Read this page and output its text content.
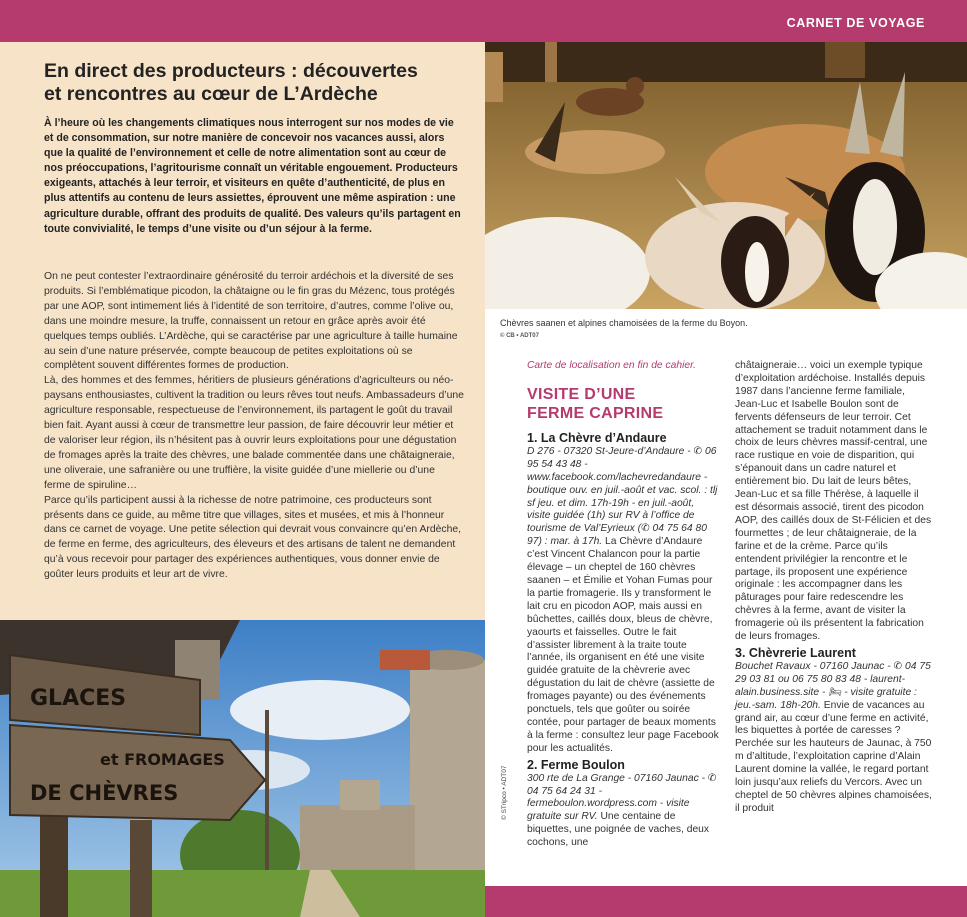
CARNET DE VOYAGE
En direct des producteurs : découvertes
et rencontres au cœur de L’Ardèche

À l’heure où les changements climatiques nous interrogent sur nos modes de vie et de consommation, sur notre manière de concevoir nos vacances aussi, alors que la qualité de l’environnement et celle de notre alimentation sont au cœur de nos préoccupations, l’agritourisme connaît un véritable engouement. Producteurs exigeants, attachés à leur terroir, et visiteurs en quête d’authenticité, de plus en plus attentifs au contenu de leurs assiettes, éprouvent une même aspiration : une agriculture durable, offrant des produits de qualité. Des valeurs qu’ils partagent en toute convivialité, le temps d’une visite ou d’un séjour à la ferme.

On ne peut contester l’extraordinaire générosité du terroir ardéchois et la diversité de ses produits. Si l’emblématique picodon, la châtaigne ou le fin gras du Mézenc, tous protégés par une AOP, sont intimement liés à l’identité de son territoire, d’autres, comme l’olive ou, dans une moindre mesure, la truffe, connaissent un retour en grâce après avoir été quelques temps oubliés. L’Ardèche, qui se caractérise par une agriculture à taille humaine au sein d’une nature préservée, compte beaucoup de petites exploitations où se complètent souvent différentes formes de production.

Là, des hommes et des femmes, héritiers de plusieurs générations d’agriculteurs ou néo-paysans enthousiastes, cultivent la tradition ou leurs rêves tout neufs. Ambassadeurs d’une agriculture responsable, respectueuse de l’environnement, ils partagent le goût du travail bien fait. Ayant aussi à cœur de transmettre leur passion, de faire découvrir leur métier et de valoriser leur région, ils n’hésitent pas à ouvrir leurs exploitations pour une dégustation de fromages après la traite des chèvres, une balade commentée dans une châtaigneraie, une oliveraie, une safranière ou une truffière, la visite guidée d’une miellerie ou d’une ferme de spiruline…

Parce qu’ils participent aussi à la richesse de notre patrimoine, ces producteurs sont présents dans ce guide, au même titre que villages, sites et musées, et mis à l’honneur dans ce carnet de voyage. Une petite sélection qui devrait vous convaincre qu’en Ardèche, de ferme en ferme, des agriculteurs, des éleveurs et des artisans de talent ne demandent qu’à vous recevoir pour partager des expériences authentiques, vous donner envie de goûter leurs produits et leur art de vivre.

Chèvres saanen et alpines chamoisées de la ferme du Boyon.
© CB • ADT07
GLACES
et FROMAGES
DE CHÈVRES	© STripco • ADT07

Carte de localisation en fin de cahier.

VISITE D’UNE
FERME CAPRINE
1. La Chèvre d’Andaure

D 276 - 07320 St-Jeure-d’Andaure - ✆ 06 95 54 43 48 - www.facebook.com/lachevredandaure - boutique ouv. en juil.-août et vac. scol. : tlj sf jeu. et dim. 17h-19h - en juil.-août, visite guidée (1h) sur RV à l’office de tourisme de Val’Eyrieux (✆ 04 75 64 80 97) : mar. à 17h. La Chèvre d’Andaure c’est Vincent Chalancon pour la partie élevage – un cheptel de 160 chèvres saanen – et Émilie et Yohan Fumas pour la partie fromagerie. Ils y transforment le lait cru en picodon AOP, mais aussi en bûchettes, caillés doux, bleus de chèvre, yaourts et faisselles. Outre le fait d’assister librement à la traite toute l’année, ils organisent en été une visite guidée gratuite de la chèvrerie avec dégustation du lait de chèvre (assiette de fromages payante) ou des événements ponctuels, tels que goûter ou soirée contée, pour partager de beaux moments à la ferme : consultez leur page Facebook pour les actualités.

2. Ferme Boulon

300 rte de La Grange - 07160 Jaunac - ✆ 04 75 64 24 31 - fermeboulon.wordpress.com - visite gratuite sur RV. Une centaine de biquettes, une poignée de vaches, deux cochons, une

châtaigneraie… voici un exemple typique d’exploitation ardéchoise. Installés depuis 1987 dans l’ancienne ferme familiale, Jean-Luc et Isabelle Boulon sont de fervents défenseurs de leur terroir. Cet attachement se traduit notamment dans le choix de leurs chèvres massif-central, une race rustique en voie de disparition, qui s’épanouit dans un cadre naturel et entièrement bio. Du lait de leurs bêtes, Jean-Luc et sa fille Thérèse, à laquelle il est désormais associé, tirent des picodon AOP, des caillés doux de St-Félicien et des fourmettes ; de leur châtaigneraie, de la farine et de la crème. Parce qu’ils entendent privilégier la rencontre et le partage, ils proposent une expérience originale : les accompagner dans les pâturages pour faire redescendre les chèvres à la ferme, avant de visiter la fromagerie où ils présentent la fabrication de leurs fromages.

3. Chèvrerie Laurent

Bouchet Ravaux - 07160 Jaunac - ✆ 04 75 29 03 81 ou 06 75 80 83 48 - laurent-alain.business.site - 🛏 - visite gratuite : jeu.-sam. 18h-20h. Envie de vacances au grand air, au cœur d’une ferme en activité, les biquettes à portée de caresses ? Perchée sur les hauteurs de Jaunac, à 750 m d’altitude, l’exploitation caprine d’Alain Laurent domine la vallée, le regard portant loin jusqu’aux reliefs du Vercors. Avec un cheptel de 50 chèvres alpines chamoisées, il produit
